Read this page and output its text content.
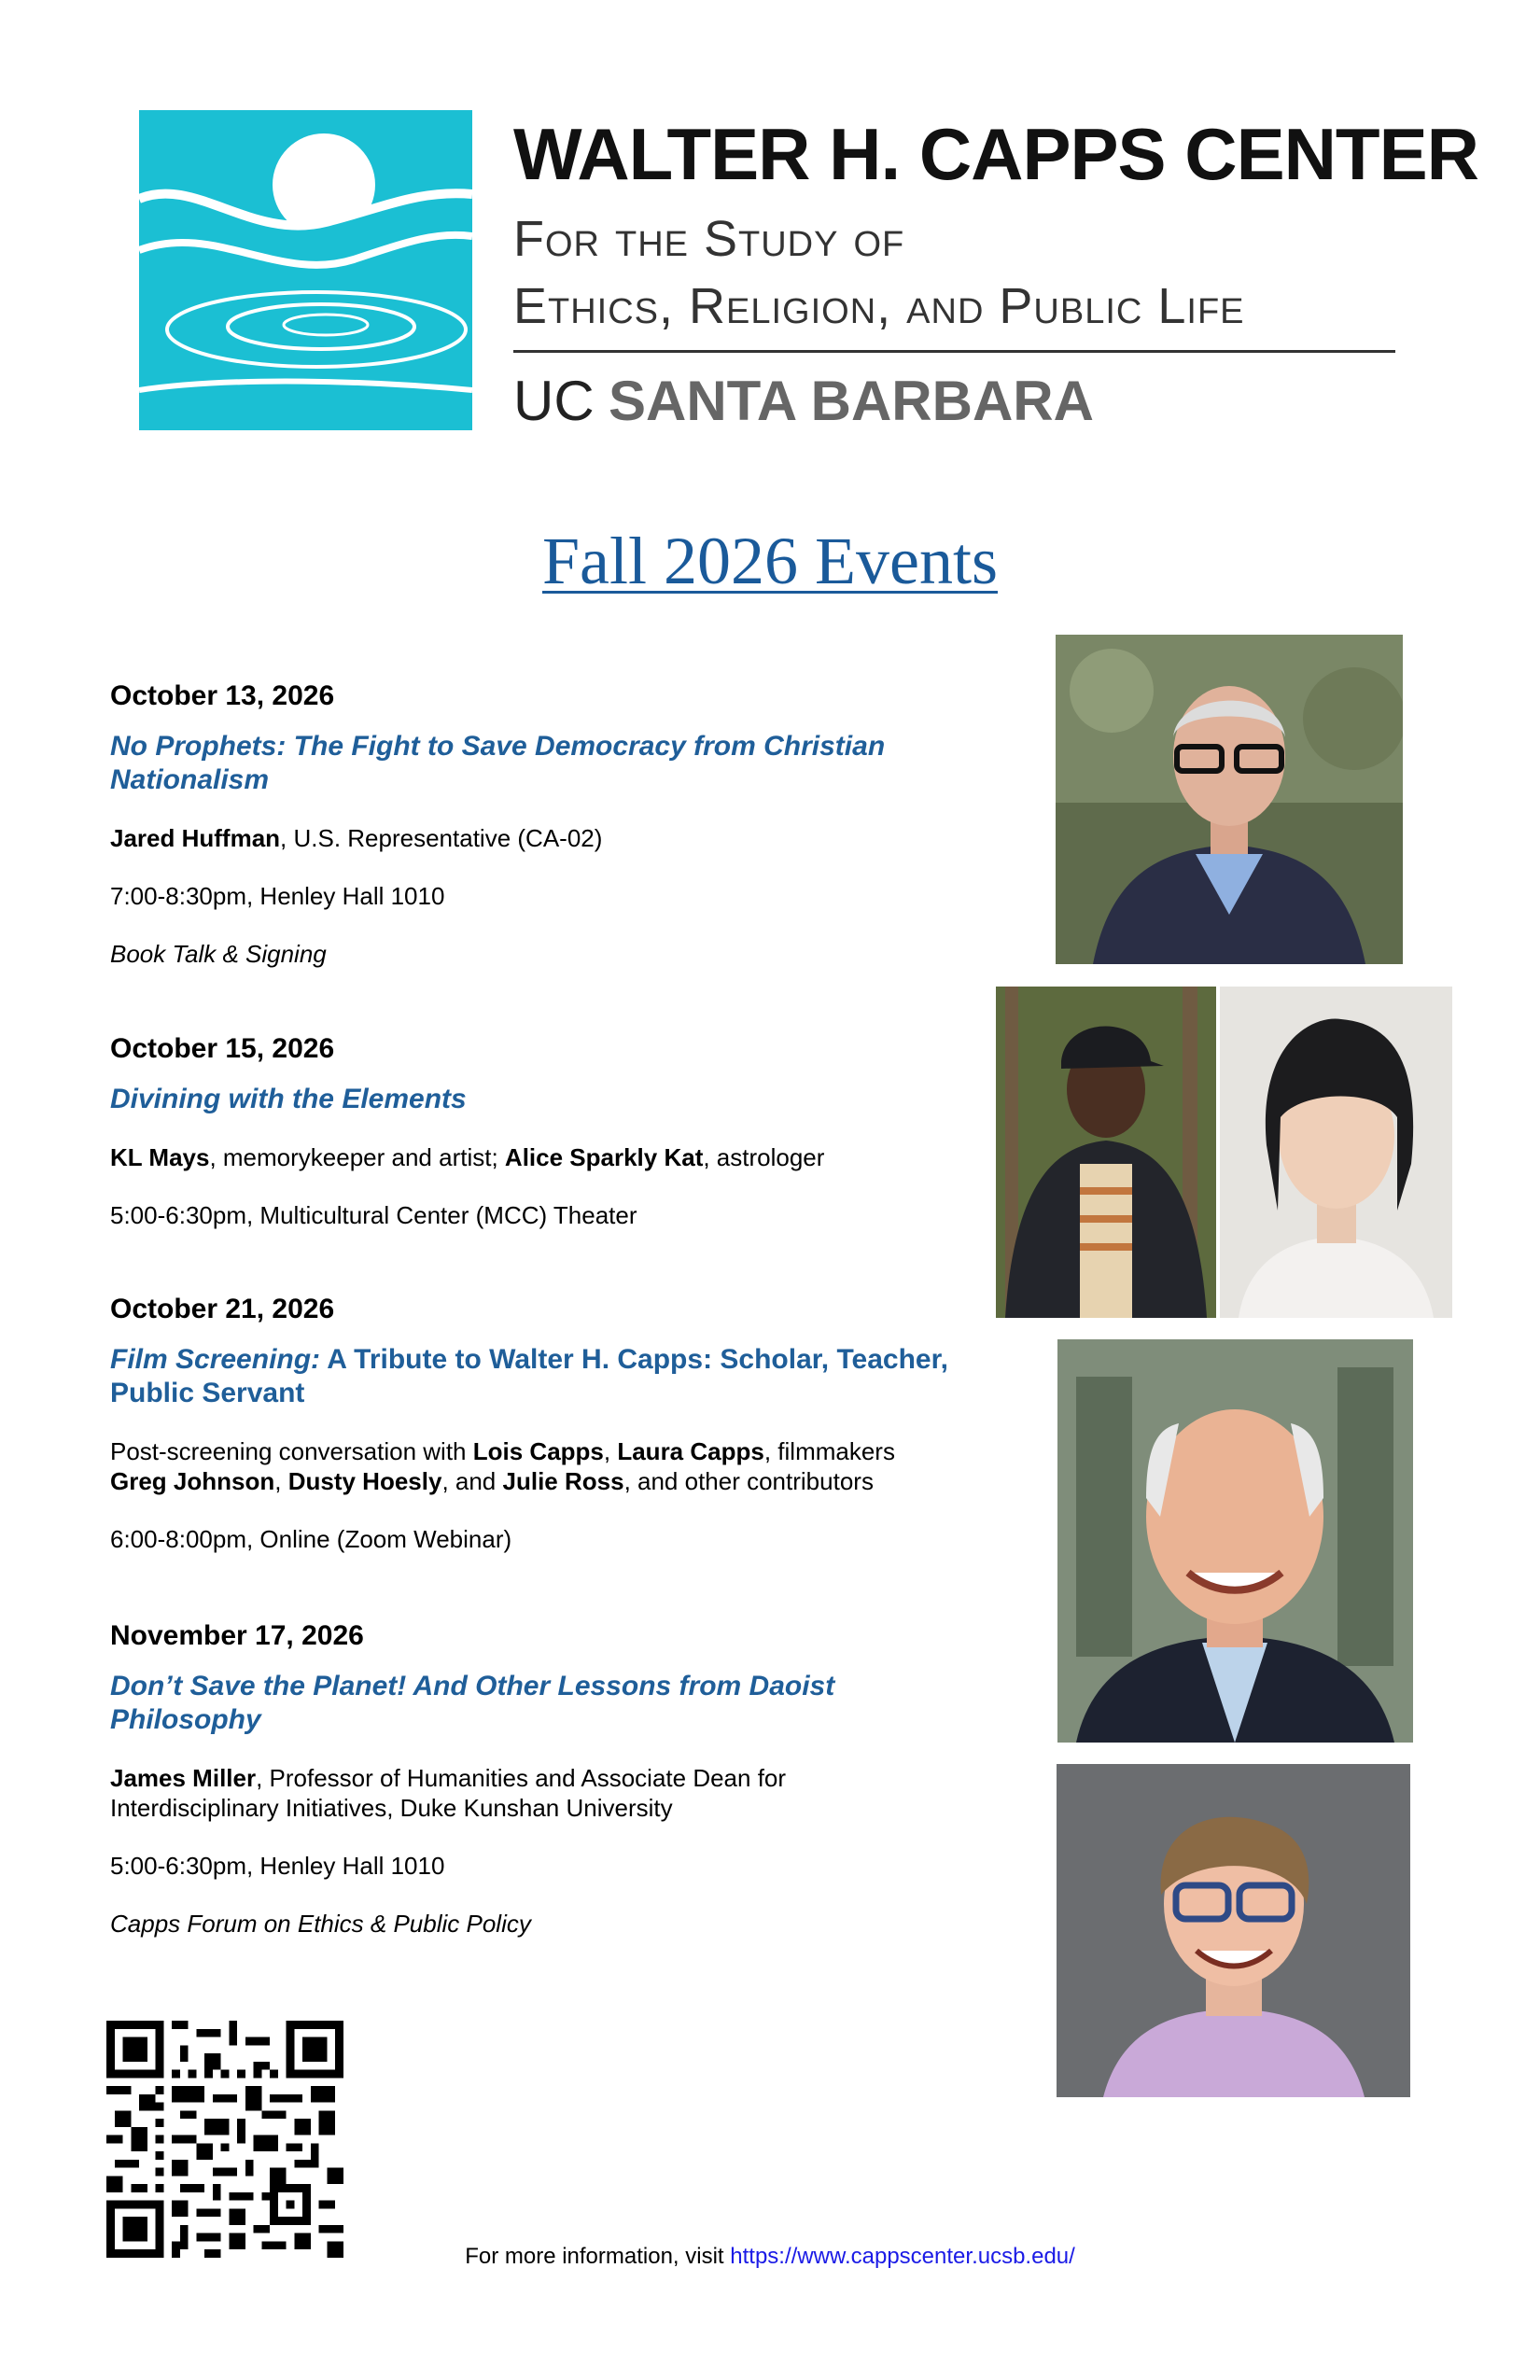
WALTER H. CAPPS CENTER
For the Study of
Ethics, Religion, and Public Life
UC SANTA BARBARA
Fall 2026 Events

October 13, 2026

No Prophets: The Fight to Save Democracy from Christian Nationalism

Jared Huffman, U.S. Representative (CA-02)

7:00-8:30pm, Henley Hall 1010

Book Talk & Signing

October 15, 2026

Divining with the Elements

KL Mays, memorykeeper and artist; Alice Sparkly Kat, astrologer

5:00-6:30pm, Multicultural Center (MCC) Theater

October 21, 2026

Film Screening: A Tribute to Walter H. Capps: Scholar, Teacher, Public Servant

Post-screening conversation with Lois Capps, Laura Capps, filmmakers
Greg Johnson, Dusty Hoesly, and Julie Ross, and other contributors

6:00-8:00pm, Online (Zoom Webinar)

November 17, 2026

Don’t Save the Planet! And Other Lessons from Daoist Philosophy

James Miller, Professor of Humanities and Associate Dean for Interdisciplinary Initiatives, Duke Kunshan University

5:00-6:30pm, Henley Hall 1010

Capps Forum on Ethics & Public Policy

For more information, visit https://www.cappscenter.ucsb.edu/
